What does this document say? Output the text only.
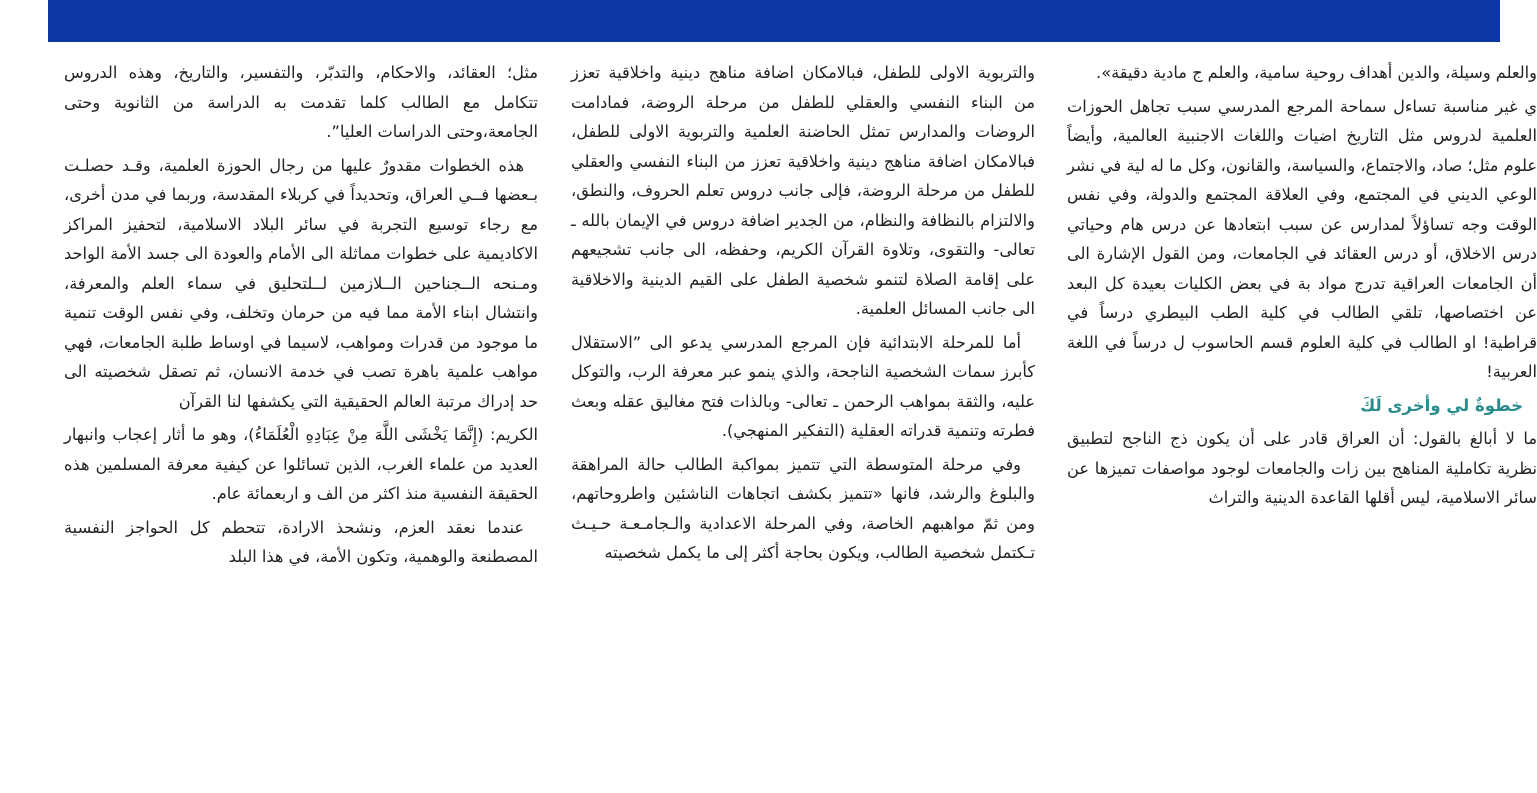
مثل؛ العقائد، والاحكام، والتدبّر، والتفسير، والتاريخ، وهذه الدروس تتكامل مع الطالب كلما تقدمت به الدراسة من الثانوية وحتى الجامعة،وحتى الدراسات العليا”.

هذه الخطوات مقدورٌ عليها من رجال الحوزة العلمية، وقـد حصلـت بـعضها فــي العراق، وتحديداً في كربلاء المقدسة، وربما في مدن أخرى، مع رجاء توسيع التجربة في سائر البلاد الاسلامية، لتحفيز المراكز الاكاديمية على خطوات مماثلة الى الأمام والعودة الى جسد الأمة الواحد ومـنحه الــجناحين الــلازمين لــلتحليق في سماء العلم والمعرفة، وانتشال ابناء الأمة مما فيه من حرمان وتخلف، وفي نفس الوقت تنمية ما موجود من قدرات ومواهب، لاسيما في اوساط طلبة الجامعات، فهي مواهب علمية باهرة تصب في خدمة الانسان، ثم تصقل شخصيته الى حد إدراك مرتبة العالم الحقيقية التي يكشفها لنا القرآن

الكريم: (إِنَّمَا يَخْشَى اللَّهَ مِنْ عِبَادِهِ الْعُلَمَاءُ)، وهو ما أثار إعجاب وانبهار العديد من علماء الغرب، الذين تسائلوا عن كيفية معرفة المسلمين هذه الحقيقة النفسية منذ اكثر من الف و اربعمائة عام.

عندما نعقد العزم، ونشحذ الارادة، تتحطم كل الحواجز النفسية المصطنعة والوهمية، وتكون الأمة، في هذا البلد

والتربوية الاولى للطفل، فبالامكان اضافة مناهج دينية واخلاقية تعزز من البناء النفسي والعقلي للطفل من مرحلة الروضة، فمادامت الروضات والمدارس تمثل الحاضنة العلمية والتربوية الاولى للطفل، فبالامكان اضافة مناهج دينية واخلاقية تعزز من البناء النفسي والعقلي للطفل من مرحلة الروضة، فإلى جانب دروس تعلم الحروف، والنطق، والالتزام بالنظافة والنظام، من الجدير اضافة دروس في الإيمان بالله ـ تعالى- والتقوى، وتلاوة القرآن الكريم، وحفظه، الى جانب تشجيعهم على إقامة الصلاة لتنمو شخصية الطفل على القيم الدينية والاخلاقية الى جانب المسائل العلمية.

أما للمرحلة الابتدائية فإن المرجع المدرسي يدعو الى ”الاستقلال كأبرز سمات الشخصية الناجحة، والذي ينمو عبر معرفة الرب، والتوكل عليه، والثقة بمواهب الرحمن ـ تعالى- وبالذات فتح مغاليق عقله وبعث فطرته وتنمية قدراته العقلية (التفكير المنهجي).

وفي مرحلة المتوسطة التي تتميز بمواكبة الطالب حالة المراهقة والبلوغ والرشد، فانها «تتميز بكشف اتجاهات الناشئين واطروحاتهم، ومن ثمّ مواهبهم الخاصة، وفي المرحلة الاعدادية والـجامـعـة حـيـث تـكتمل شخصية الطالب، ويكون بحاجة أكثر إلى ما يكمل شخصيته

والعلم وسيلة، والدين أهداف روحية سامية، والعلم ج مادية دقيقة».

ي غير مناسبة تساءل سماحة المرجع المدرسي سبب تجاهل الحوزات العلمية لدروس مثل التاريخ اضيات واللغات الاجنبية العالمية، وأيضاً علوم مثل؛ صاد، والاجتماع، والسياسة، والقانون، وكل ما له لية في نشر الوعي الديني في المجتمع، وفي العلاقة المجتمع والدولة، وفي نفس الوقت وجه تساؤلاً لمدارس عن سبب ابتعادها عن درس هام وحياتي درس الاخلاق، أو درس العقائد في الجامعات، ومن القول الإشارة الى أن الجامعات العراقية تدرج مواد بة في بعض الكليات بعيدة كل البعد عن اختصاصها، تلقي الطالب في كلية الطب البيطري درساً في قراطية! او الطالب في كلية العلوم قسم الحاسوب ل درساً في اللغة العربية!

خطوةٌ لي وأخرى لَكَ

ما لا أبالغ بالقول: أن العراق قادر على أن يكون ذج الناجح لتطبيق نظرية تكاملية المناهج بين زات والجامعات لوجود مواصفات تميزها عن سائر الاسلامية، ليس أقلها القاعدة الدينية والتراث
